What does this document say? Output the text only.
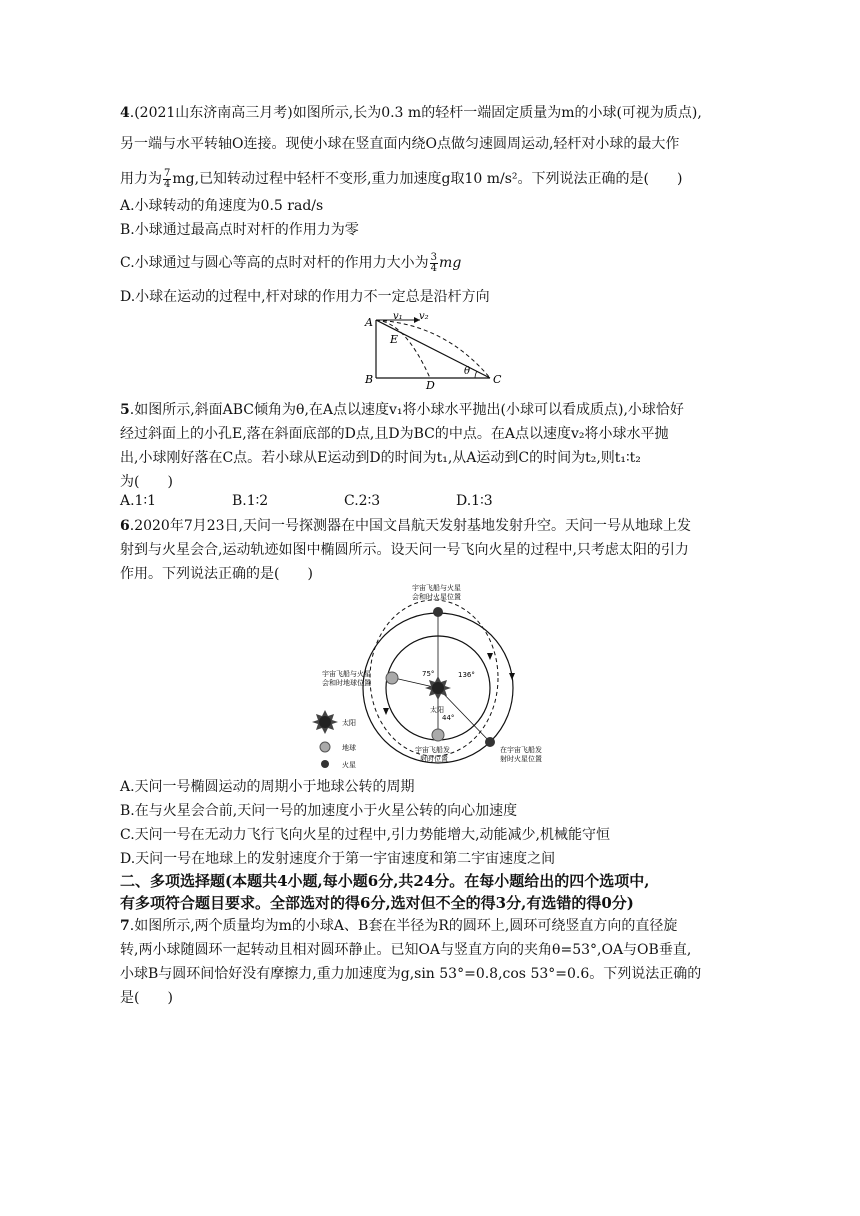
4.(2021山东济南高三月考)如图所示,长为0.3 m的轻杆一端固定质量为m的小球(可视为质点),
另一端与水平转轴O连接。现使小球在竖直面内绕O点做匀速圆周运动,轻杆对小球的最大作
用力为 $\frac{7}{4}$ mg,已知转动过程中轻杆不变形,重力加速度g取10 m/s²。下列说法正确的是(　　)
A.小球转动的角速度为0.5 rad/s
B.小球通过最高点时对杆的作用力为零
C.小球通过与圆心等高的点时对杆的作用力大小为 $\frac{3}{4}$ mg
D.小球在运动的过程中,杆对球的作用力不一定总是沿杆方向
A
B	C
D
E
v₁ v₂
θ
5.如图所示,斜面ABC倾角为θ,在A点以速度v₁将小球水平抛出(小球可以看成质点),小球恰好
经过斜面上的小孔E,落在斜面底部的D点,且D为BC的中点。在A点以速度v₂将小球水平抛
出,小球刚好落在C点。若小球从E运动到D的时间为t₁,从A运动到C的时间为t₂,则t₁∶t₂
为(　　)
A.1∶1	B.1∶2	C.2∶3	D.1∶3
6.2020年7月23日,天问一号探测器在中国文昌航天发射基地发射升空。天问一号从地球上发
射到与火星会合,运动轨迹如图中椭圆所示。设天问一号飞向火星的过程中,只考虑太阳的引力
作用。下列说法正确的是(　　)
宇宙飞船与火星
会和时火星位置
宇宙飞船与火星
会和时地球位置
太阳
宇宙飞船发
射时位置
在宇宙飞船发
射时火星位置
75°	136°
44°
太阳
地球
火星
A.天问一号椭圆运动的周期小于地球公转的周期
B.在与火星会合前,天问一号的加速度小于火星公转的向心加速度
C.天问一号在无动力飞行飞向火星的过程中,引力势能增大,动能减少,机械能守恒
D.天问一号在地球上的发射速度介于第一宇宙速度和第二宇宙速度之间
二、多项选择题(本题共4小题,每小题6分,共24分。在每小题给出的四个选项中,
有多项符合题目要求。全部选对的得6分,选对但不全的得3分,有选错的得0分)
7.如图所示,两个质量均为m的小球A、B套在半径为R的圆环上,圆环可绕竖直方向的直径旋
转,两小球随圆环一起转动且相对圆环静止。已知OA与竖直方向的夹角θ=53°,OA与OB垂直,
小球B与圆环间恰好没有摩擦力,重力加速度为g,sin 53°=0.8,cos 53°=0.6。下列说法正确的
是(　　)
